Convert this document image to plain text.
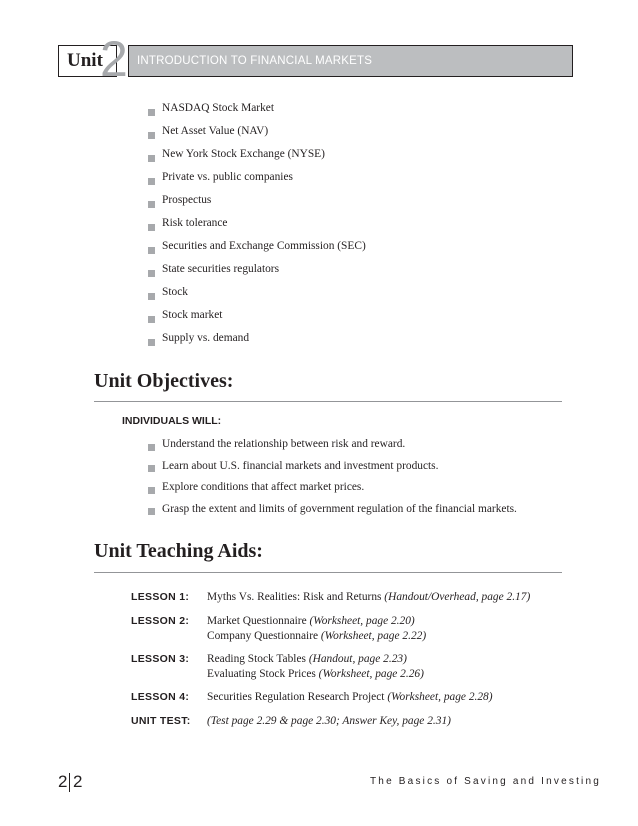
Unit
2 INTRODUCTION TO FINANCIAL MARKETS
NASDAQ Stock Market
Net Asset Value (NAV)
New York Stock Exchange (NYSE)
Private vs. public companies
Prospectus
Risk tolerance
Securities and Exchange Commission (SEC)
State securities regulators
Stock
Stock market
Supply vs. demand
Unit Objectives:
INDIVIDUALS WILL:
Understand the relationship between risk and reward.
Learn about U.S. financial markets and investment products.
Explore conditions that affect market prices.
Grasp the extent and limits of government regulation of the financial markets.
Unit Teaching Aids:
LESSON 1: Myths Vs. Realities: Risk and Returns (Handout/Overhead, page 2.17)
LESSON 2: Market Questionnaire (Worksheet, page 2.20)
Company Questionnaire (Worksheet, page 2.22)
LESSON 3: Reading Stock Tables (Handout, page 2.23)
Evaluating Stock Prices (Worksheet, page 2.26)
LESSON 4: Securities Regulation Research Project (Worksheet, page 2.28)
UNIT TEST: (Test page 2.29 & page 2.30; Answer Key, page 2.31)
2 2	The Basics of Saving and Investing
